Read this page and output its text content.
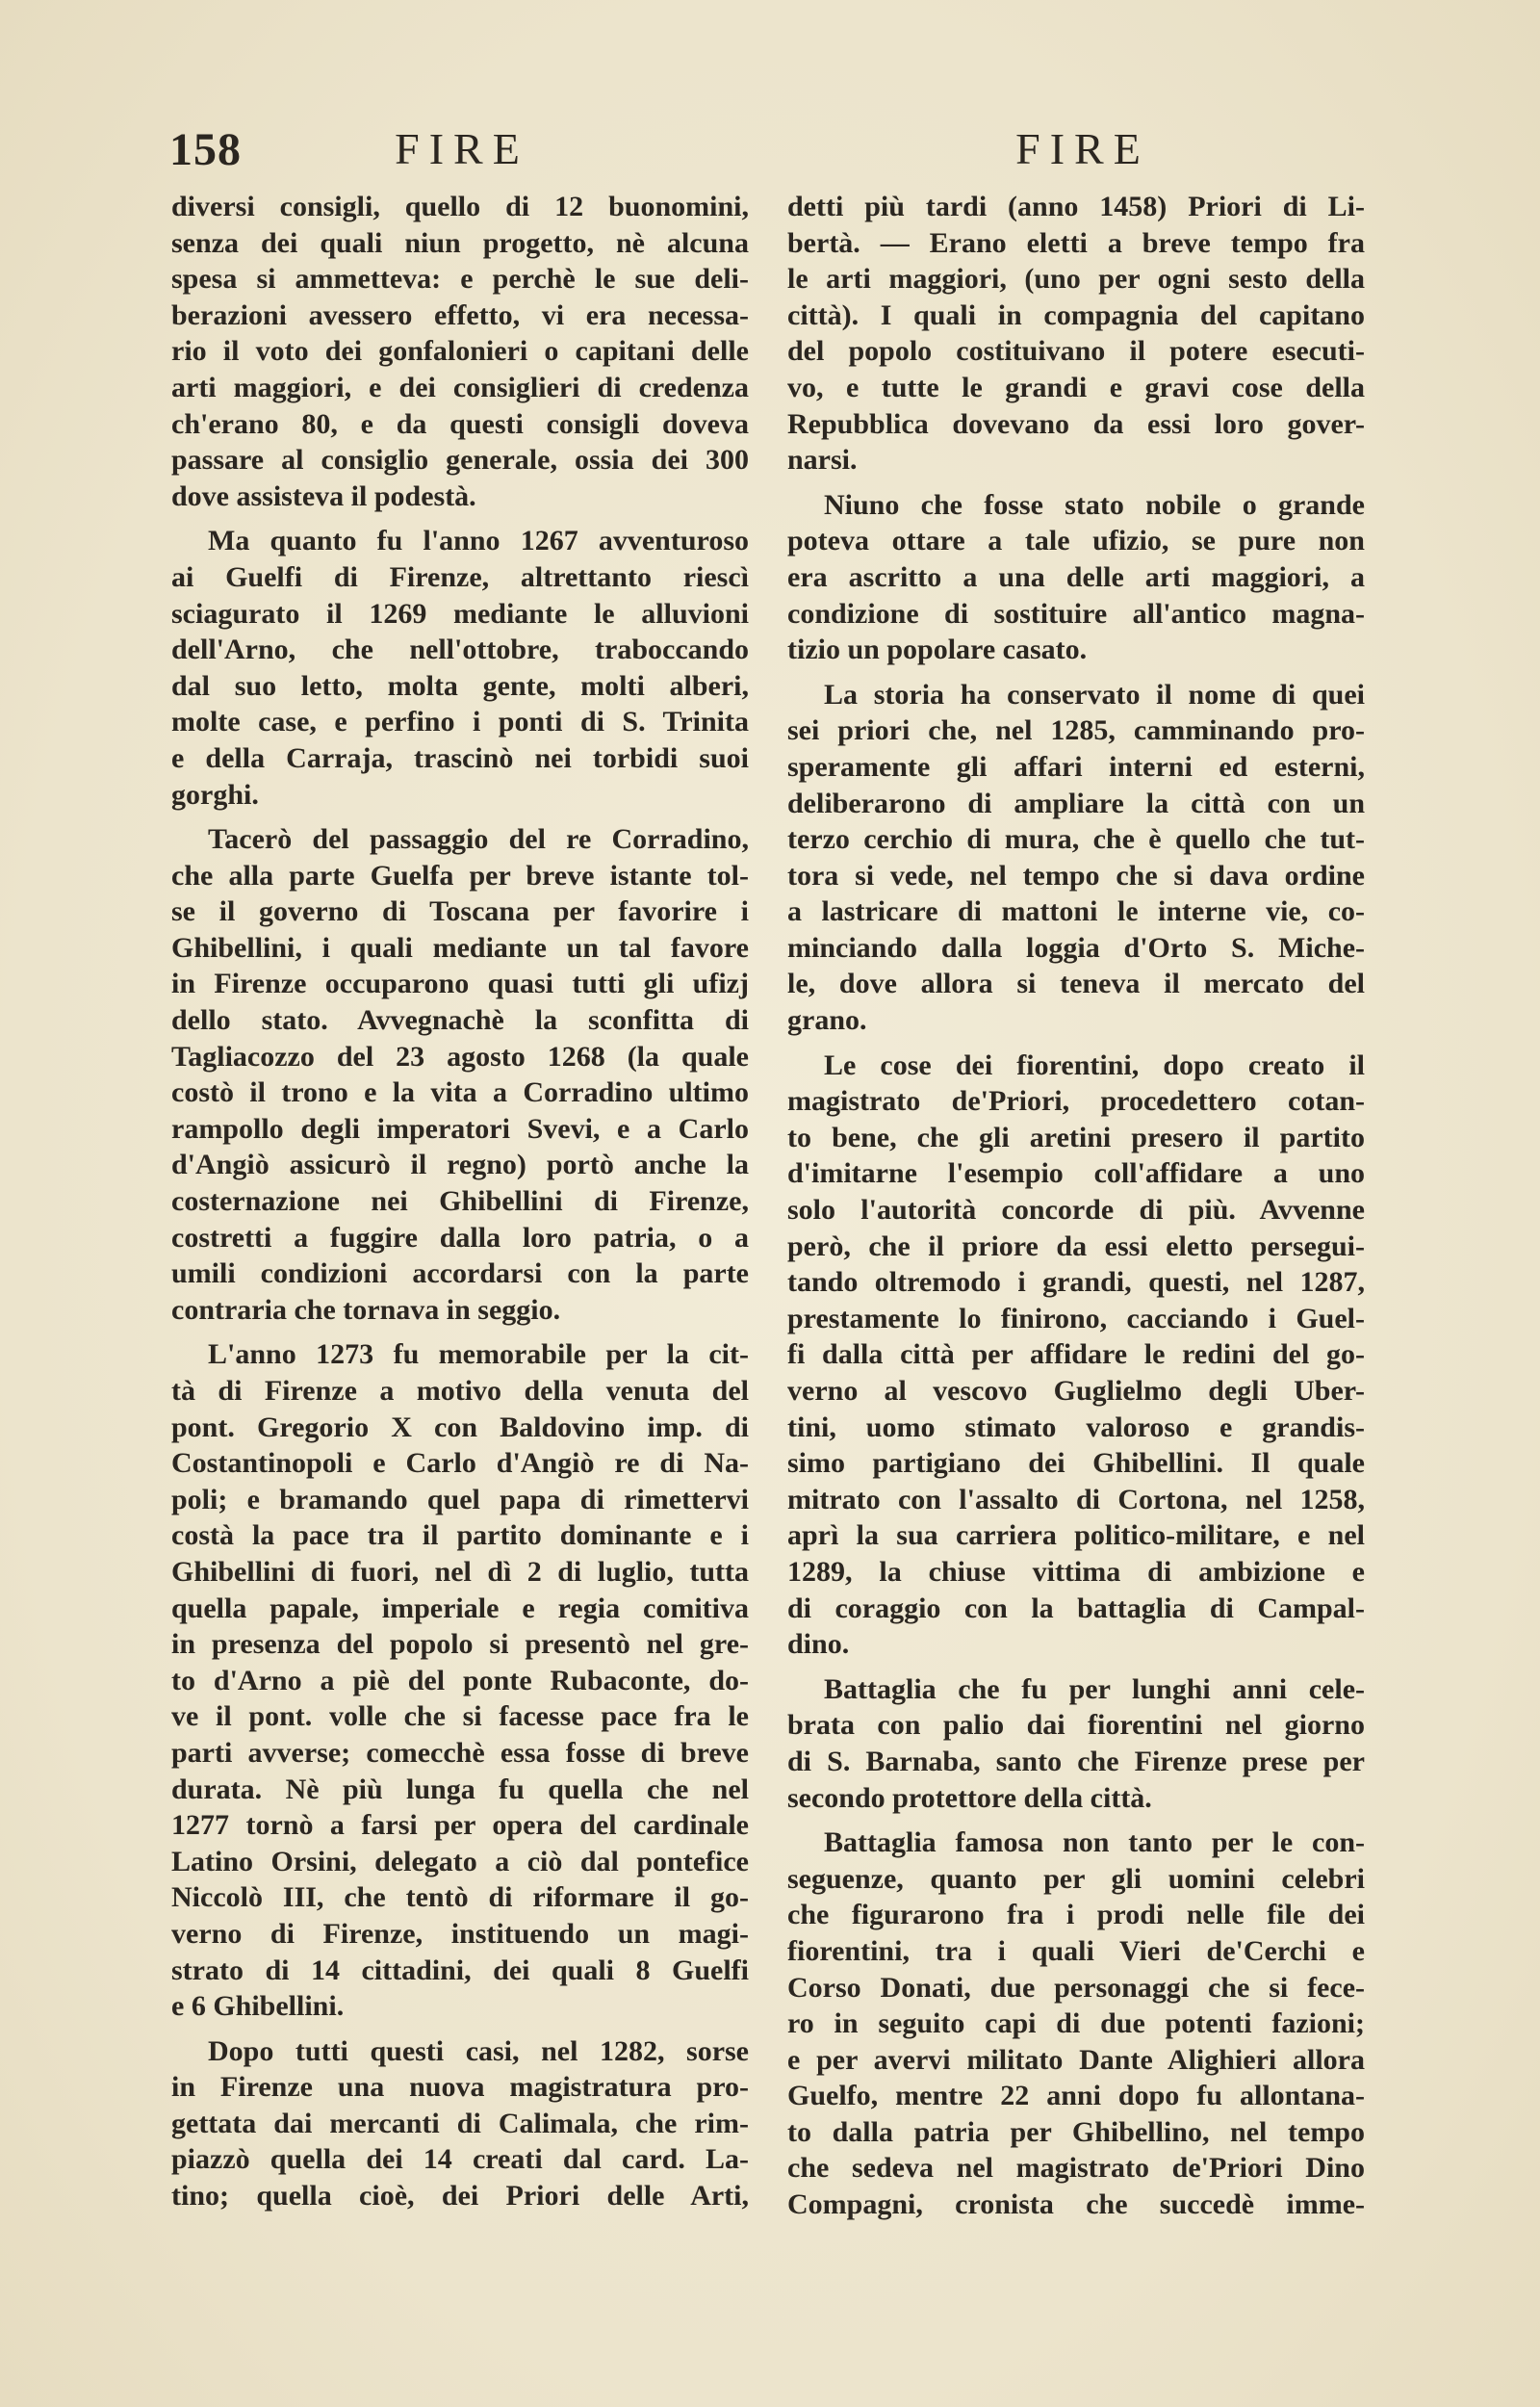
158	FIRE	FIRE
diversi consigli, quello di 12 buonomini,
senza dei quali niun progetto, nè alcuna
spesa si ammetteva: e perchè le sue deli-
berazioni avessero effetto, vi era necessa-
rio il voto dei gonfalonieri o capitani delle
arti maggiori, e dei consiglieri di credenza
ch'erano 80, e da questi consigli doveva
passare al consiglio generale, ossia dei 300
dove assisteva il podestà.
Ma quanto fu l'anno 1267 avventuroso
ai Guelfi di Firenze, altrettanto riescì
sciagurato il 1269 mediante le alluvioni
dell'Arno, che nell'ottobre, traboccando
dal suo letto, molta gente, molti alberi,
molte case, e perfino i ponti di S. Trinita
e della Carraja, trascinò nei torbidi suoi
gorghi.
Tacerò del passaggio del re Corradino,
che alla parte Guelfa per breve istante tol-
se il governo di Toscana per favorire i
Ghibellini, i quali mediante un tal favore
in Firenze occuparono quasi tutti gli ufizj
dello stato. Avvegnachè la sconfitta di
Tagliacozzo del 23 agosto 1268 (la quale
costò il trono e la vita a Corradino ultimo
rampollo degli imperatori Svevi, e a Carlo
d'Angiò assicurò il regno) portò anche la
costernazione nei Ghibellini di Firenze,
costretti a fuggire dalla loro patria, o a
umili condizioni accordarsi con la parte
contraria che tornava in seggio.
L'anno 1273 fu memorabile per la cit-
tà di Firenze a motivo della venuta del
pont. Gregorio X con Baldovino imp. di
Costantinopoli e Carlo d'Angiò re di Na-
poli; e bramando quel papa di rimettervi
costà la pace tra il partito dominante e i
Ghibellini di fuori, nel dì 2 di luglio, tutta
quella papale, imperiale e regia comitiva
in presenza del popolo si presentò nel gre-
to d'Arno a piè del ponte Rubaconte, do-
ve il pont. volle che si facesse pace fra le
parti avverse; comecchè essa fosse di breve
durata. Nè più lunga fu quella che nel
1277 tornò a farsi per opera del cardinale
Latino Orsini, delegato a ciò dal pontefice
Niccolò III, che tentò di riformare il go-
verno di Firenze, instituendo un magi-
strato di 14 cittadini, dei quali 8 Guelfi
e 6 Ghibellini.
Dopo tutti questi casi, nel 1282, sorse
in Firenze una nuova magistratura pro-
gettata dai mercanti di Calimala, che rim-
piazzò quella dei 14 creati dal card. La-
tino; quella cioè, dei Priori delle Arti,
detti più tardi (anno 1458) Priori di Li-
bertà. — Erano eletti a breve tempo fra
le arti maggiori, (uno per ogni sesto della
città). I quali in compagnia del capitano
del popolo costituivano il potere esecuti-
vo, e tutte le grandi e gravi cose della
Repubblica dovevano da essi loro gover-
narsi.
Niuno che fosse stato nobile o grande
poteva ottare a tale ufizio, se pure non
era ascritto a una delle arti maggiori, a
condizione di sostituire all'antico magna-
tizio un popolare casato.
La storia ha conservato il nome di quei
sei priori che, nel 1285, camminando pro-
speramente gli affari interni ed esterni,
deliberarono di ampliare la città con un
terzo cerchio di mura, che è quello che tut-
tora si vede, nel tempo che si dava ordine
a lastricare di mattoni le interne vie, co-
minciando dalla loggia d'Orto S. Miche-
le, dove allora si teneva il mercato del
grano.
Le cose dei fiorentini, dopo creato il
magistrato de'Priori, procedettero cotan-
to bene, che gli aretini presero il partito
d'imitarne l'esempio coll'affidare a uno
solo l'autorità concorde di più. Avvenne
però, che il priore da essi eletto persegui-
tando oltremodo i grandi, questi, nel 1287,
prestamente lo finirono, cacciando i Guel-
fi dalla città per affidare le redini del go-
verno al vescovo Guglielmo degli Uber-
tini, uomo stimato valoroso e grandis-
simo partigiano dei Ghibellini. Il quale
mitrato con l'assalto di Cortona, nel 1258,
aprì la sua carriera politico-militare, e nel
1289, la chiuse vittima di ambizione e
di coraggio con la battaglia di Campal-
dino.
Battaglia che fu per lunghi anni cele-
brata con palio dai fiorentini nel giorno
di S. Barnaba, santo che Firenze prese per
secondo protettore della città.
Battaglia famosa non tanto per le con-
seguenze, quanto per gli uomini celebri
che figurarono fra i prodi nelle file dei
fiorentini, tra i quali Vieri de'Cerchi e
Corso Donati, due personaggi che si fece-
ro in seguito capi di due potenti fazioni;
e per avervi militato Dante Alighieri allora
Guelfo, mentre 22 anni dopo fu allontana-
to dalla patria per Ghibellino, nel tempo
che sedeva nel magistrato de'Priori Dino
Compagni, cronista che succedè imme-
